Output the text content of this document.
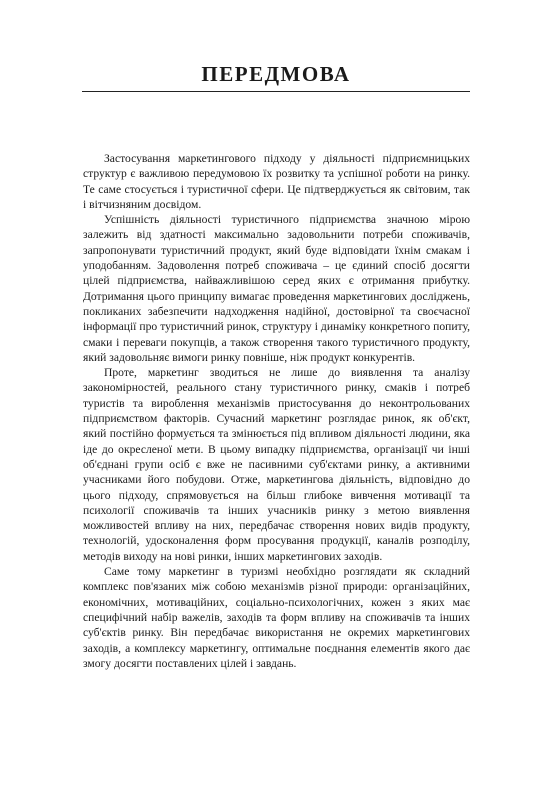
ПЕРЕДМОВА

Застосування маркетингового підходу у діяльності підприємницьких структур є важливою передумовою їх розвитку та успішної роботи на ринку. Те саме стосується і туристичної сфери. Це підтверджується як світовим, так і вітчизняним досвідом.

Успішність діяльності туристичного підприємства значною мірою залежить від здатності максимально задовольнити потреби споживачів, запропонувати туристичний продукт, який буде відповідати їхнім смакам і уподобанням. Задоволення потреб споживача – це єдиний спосіб досягти цілей підприємства, найважливішою серед яких є отримання прибутку. Дотримання цього принципу вимагає проведення маркетингових досліджень, покликаних забезпечити надходження надійної, достовірної та своєчасної інформації про туристичний ринок, структуру і динаміку конкретного попиту, смаки і переваги покупців, а також створення такого туристичного продукту, який задовольняє вимоги ринку повніше, ніж продукт конкурентів.

Проте, маркетинг зводиться не лише до виявлення та аналізу закономірностей, реального стану туристичного ринку, смаків і потреб туристів та вироблення механізмів пристосування до неконтрольованих підприємством факторів. Сучасний маркетинг розглядає ринок, як об'єкт, який постійно формується та змінюється під впливом діяльності людини, яка іде до окресленої мети. В цьому випадку підприємства, організації чи інші об'єднані групи осіб є вже не пасивними суб'єктами ринку, а активними учасниками його побудови. Отже, маркетингова діяльність, відповідно до цього підходу, спрямовується на більш глибоке вивчення мотивації та психології споживачів та інших учасників ринку з метою виявлення можливостей впливу на них, передбачає створення нових видів продукту, технологій, удосконалення форм просування продукції, каналів розподілу, методів виходу на нові ринки, інших маркетингових заходів.

Саме тому маркетинг в туризмі необхідно розглядати як складний комплекс пов'язаних між собою механізмів різної природи: організаційних, економічних, мотиваційних, соціально-психологічних, кожен з яких має специфічний набір важелів, заходів та форм впливу на споживачів та інших суб'єктів ринку. Він передбачає використання не окремих маркетингових заходів, а комплексу маркетингу, оптимальне поєднання елементів якого дає змогу досягти поставлених цілей і завдань.
